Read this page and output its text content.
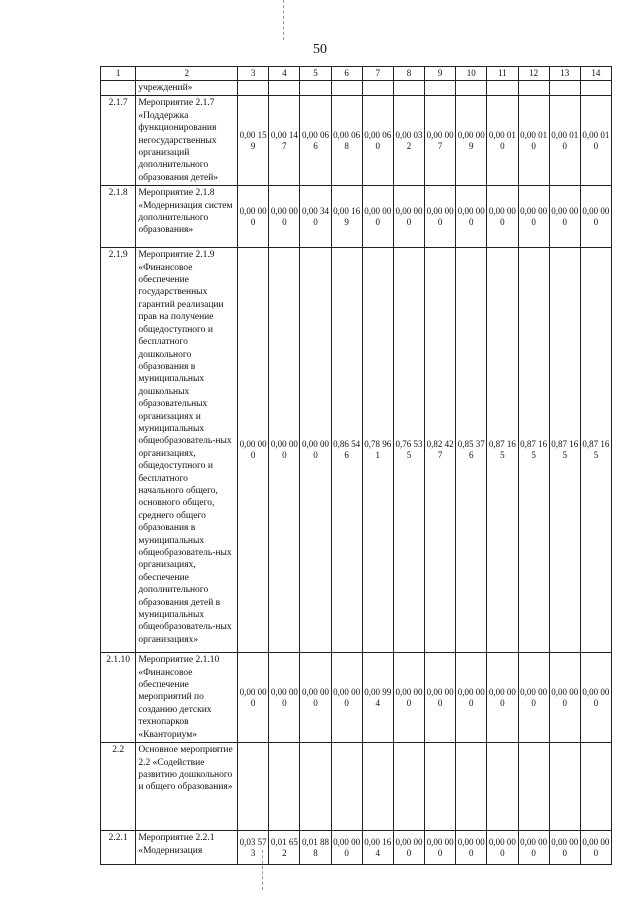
50
1	2	3	4	5	6	7	8	9	10	11	12	13	14
	учреждений»												
2.1.7	Мероприятие 2.1.7 «Поддержка функционирования негосударственных организаций дополнительного образования детей»	0,00 159	0,00 147	0,00 066	0,00 068	0,00 060	0,00 032	0,00 007	0,00 009	0,00 010	0,00 010	0,00 010	0,00 010
2.1.8	Мероприятие 2.1.8 «Модернизация систем дополнительного образования»	0,00 000	0,00 000	0,00 340	0,00 169	0,00 000	0,00 000	0,00 000	0,00 000	0,00 000	0,00 000	0,00 000	0,00 000
2.1.9	Мероприятие 2.1.9 «Финансовое обеспечение государственных гарантий реализации прав на получение общедоступного и бесплатного дошкольного образования в муниципальных дошкольных образовательных организациях и муниципальных общеобразователь-ных организациях, общедоступного и бесплатного начального общего, основного общего, среднего общего образования в муниципальных общеобразователь-ных организациях, обеспечение дополнительного образования детей в муниципальных общеобразователь-ных организациях»	0,00 000	0,00 000	0,00 000	0,86 546	0,78 961	0,76 535	0,82 427	0,85 376	0,87 165	0,87 165	0,87 165	0,87 165
2.1.10	Мероприятие 2.1.10 «Финансовое обеспечение мероприятий по созданию детских технопарков «Кванториум»	0,00 000	0,00 000	0,00 000	0,00 000	0,00 994	0,00 000	0,00 000	0,00 000	0,00 000	0,00 000	0,00 000	0,00 000
2.2	Основное мероприятие 2.2 «Содействие развитию дошкольного и общего образования»												
2.2.1	Мероприятие 2.2.1 «Модернизация	0,03 573	0,01 652	0,01 888	0,00 000	0,00 164	0,00 000	0,00 000	0,00 000	0,00 000	0,00 000	0,00 000	0,00 000
